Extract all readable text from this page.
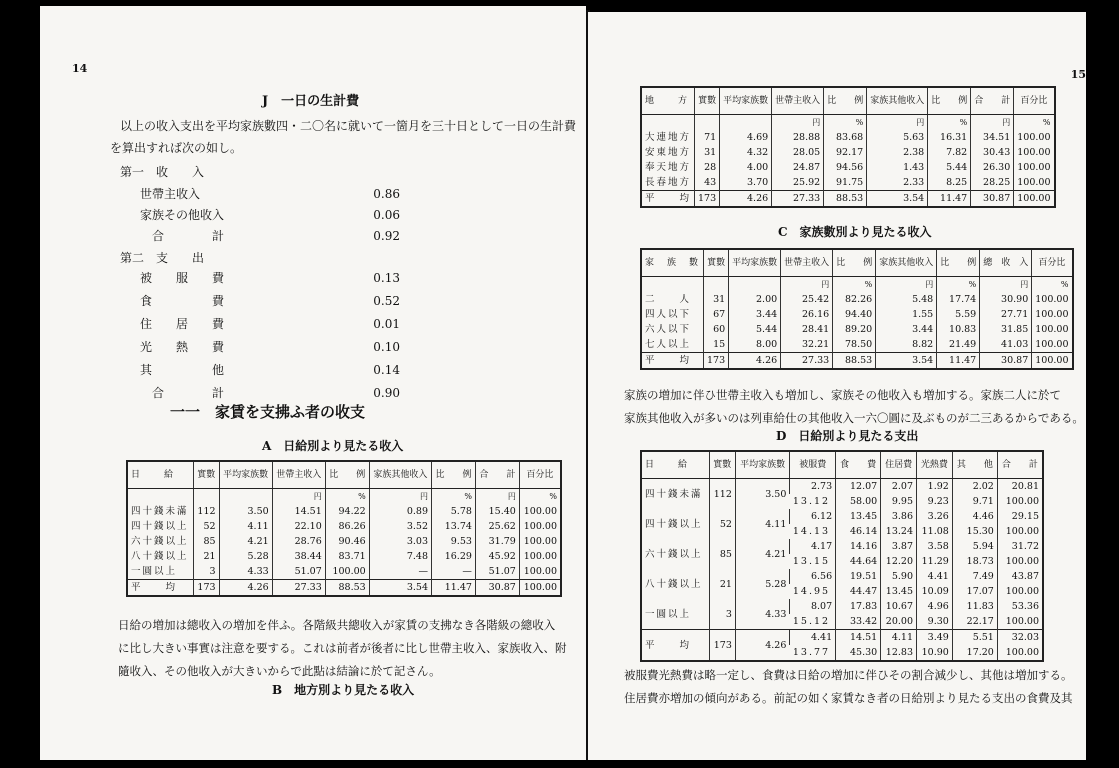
14
J　一日の生計費
以上の收入支出を平均家族數四・二〇名に就いて一箇月を三十日として一日の生計費
を算出すれば次の如し。
第一　收　　入
世帶主收入	0.86
家族その他收入	0.06
合　　　　計	0.92
第二　支　　出
被　　服　　費	0.13
食　　　　　費	0.52
住　　居　　費	0.01
光　　熱　　費	0.10
其　　　　　他	0.14
合　　　　計	0.90
一一　家賃を支拂ふ者の收支
A　日給別より見たる收入
日　　給	實數	平均家族數	世帶主收入	比　　例	家族其他收入	比　　例	合　　計	百分比
			円	%	円	%	円	%
四十錢未滿	112	3.50	14.51	94.22	0.89	5.78	15.40	100.00
四十錢以上	52	4.11	22.10	86.26	3.52	13.74	25.62	100.00
六十錢以上	85	4.21	28.76	90.46	3.03	9.53	31.79	100.00
八十錢以上	21	5.28	38.44	83.71	7.48	16.29	45.92	100.00
一圓以上	3	4.33	51.07	100.00	—	—	51.07	100.00
平　　均	173	4.26	27.33	88.53	3.54	11.47	30.87	100.00
日給の増加は總收入の増加を伴ふ。各階級共總收入が家賃の支拂なき各階級の總收入
に比し大きい事實は注意を要する。これは前者が後者に比し世帶主收入、家族收入、附
隨收入、その他收入が大きいからで此點は結論に於て記さん。
B　地方別より見たる收入
15
地　　方	實數	平均家族數	世帶主收入	比　　例	家族其他收入	比　　例	合　　計	百分比
			円	%	円	%	円	%
大連地方	71	4.69	28.88	83.68	5.63	16.31	34.51	100.00
安東地方	31	4.32	28.05	92.17	2.38	7.82	30.43	100.00
奉天地方	28	4.00	24.87	94.56	1.43	5.44	26.30	100.00
長春地方	43	3.70	25.92	91.75	2.33	8.25	28.25	100.00
平　　均	173	4.26	27.33	88.53	3.54	11.47	30.87	100.00
C　家族數別より見たる收入
家　族　數	實數	平均家族數	世帶主收入	比　　例	家族其他收入	比　　例	總　收　入	百分比
			円	%	円	%	円	%
二　　人	31	2.00	25.42	82.26	5.48	17.74	30.90	100.00
四人以下	67	3.44	26.16	94.40	1.55	5.59	27.71	100.00
六人以下	60	5.44	28.41	89.20	3.44	10.83	31.85	100.00
七人以上	15	8.00	32.21	78.50	8.82	21.49	41.03	100.00
平　　均	173	4.26	27.33	88.53	3.54	11.47	30.87	100.00
家族の増加に伴ひ世帶主收入も増加し、家族その他收入も増加する。家族二人に於て
家族其他收入が多いのは列車給仕の其他收入一六〇圓に及ぶものが二三あるからである。
D　日給別より見たる支出
日　　給	實數	平均家族數	被服費	食　　費	住居費	光熱費	其　　他	合　　計
四十錢未滿	112	3.50	2.73	12.07	2.07	1.92	2.02	20.81
			13.12	58.00	9.95	9.23	9.71	100.00
四十錢以上	52	4.11	6.12	13.45	3.86	3.26	4.46	29.15
			14.13	46.14	13.24	11.08	15.30	100.00
六十錢以上	85	4.21	4.17	14.16	3.87	3.58	5.94	31.72
			13.15	44.64	12.20	11.29	18.73	100.00
八十錢以上	21	5.28	6.56	19.51	5.90	4.41	7.49	43.87
			14.95	44.47	13.45	10.09	17.07	100.00
一圓以上	3	4.33	8.07	17.83	10.67	4.96	11.83	53.36
			15.12	33.42	20.00	9.30	22.17	100.00
平　　均	173	4.26	4.41	14.51	4.11	3.49	5.51	32.03
			13.77	45.30	12.83	10.90	17.20	100.00
被服費光熱費は略一定し、食費は日給の増加に伴ひその割合減少し、其他は増加する。
住居費亦増加の傾向がある。前記の如く家賃なき者の日給別より見たる支出の食費及其
